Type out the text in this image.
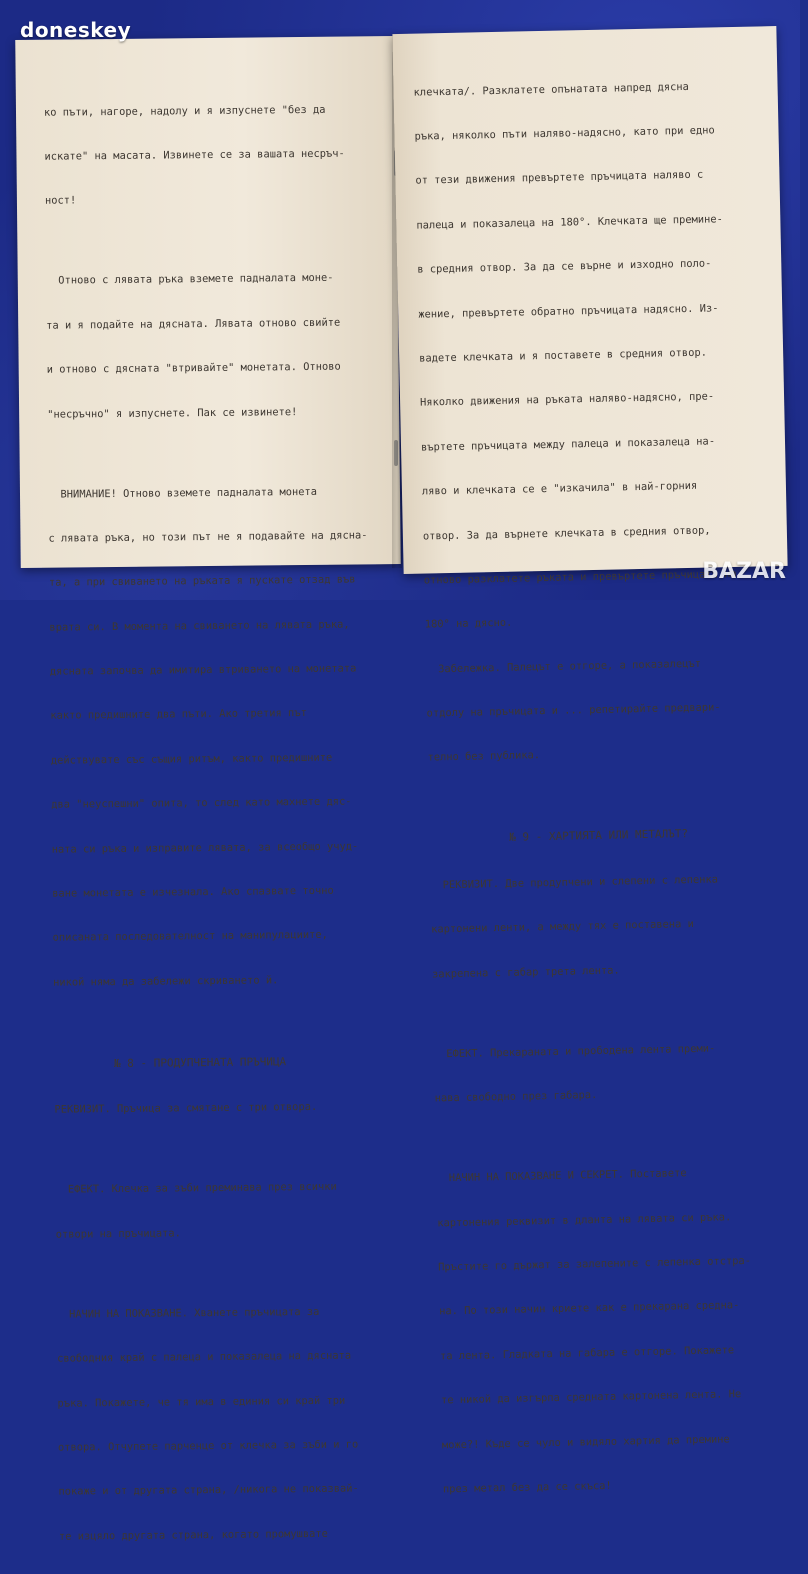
ко пъти, нагоре, надолу и я изпуснете "без да

искате" на масата. Извинете се за вашата несръч-

ност!

Отново с лявата ръка вземете падналата моне-

та и я подайте на дясната. Лявата отново свийте

и отново с дясната "втривайте" монетата. Отново

"несръчно" я изпуснете. Пак се извинете!

ВНИМАНИЕ! Отново вземете падналата монета

с лявата ръка, но този път не я подавайте на дясна-

та, а при свиването на ръката я пускате отзад във

врата си. В момента на свиването на лявата ръка,

дясната започва да имитира втриването на монетата

както предишните два пъти. Ако третия път

действувате със същия ритъм, както предишните

два "неуспешни" опита, то след като махнете дяс-

ната си ръка и изправите лявата, за всеобщо учуд-

ване монетата е изчезнала. Ако спазвате точно

описаната последователност на манипулациите,

никой няма да забележи скриването й.

№ 8 - ПРОДУПЧЕНАТА ПРЪЧИЦА

РЕКВИЗИТ. Пръчица за смятане с три отвора.

ЕФЕКТ. Клечка за зъби преминава през всички

отвори на пръчицата.

НАЧИН НА ПОКАЗВАНЕ. Хванете пръчицата за

свободния край с палеца и показалеца на дясната

ръка. Покажете, че тя има в единия си край три

отвора. Отчупете парченце от клечка за зъби и го

покаже и от другата страна, /никога не показвай-

те изцяло другата страна, когато промушвате

клечката/. Разклатете опънатата напред дясна

ръка, няколко пъти наляво-надясно, като при едно

от тези движения превъртете пръчицата наляво с

палеца и показалеца на 180°. Клечката ще премине-

в средния отвор. За да се върне и изходно поло-

жение, превъртете обратно пръчицата надясно. Из-

вадете клечката и я поставете в средния отвор.

Няколко движения на ръката наляво-надясно, пре-

въртете пръчицата между палеца и показалеца на-

ляво и клечката се е "изкачила" в най-горния

отвор. За да върнете клечката в средния отвор,

отново разклатете ръката и превъртете пръчицата на

180° на дясно.

Забележка. Палецът е отгоре, а показалецът

отдолу на пръчицата и ... репетирайте предвари-

телно без публика.

№ 9 - ХАРТИЯТА ИЛИ МЕТАЛЪТ?

РЕКВИЗИТ. Две продупчени и слепени с лепенка

картонени ленти, а между тях е поставена и

закрепена с габар трета лента.

ЕФЕКТ. Прекараната и прободена лента преми-

нава свободно през габара.

НАЧИН НА ПОКАЗВАНЕ И СЕКРЕТ. Поставете

картонения реквизит в дланта на лявата си ръка.

Пръстите го държат за залепените с лепенка отстра-

на. По този начин криете как е прекарана средна-

та лента. Гладката на габара е отгоре. Покажете

те никой да изгърпа средната картонена лента. Не

може?! Къде се чуло и видяло хартия да премине

през метал без да се скъса!

doneskey
BAZAR
